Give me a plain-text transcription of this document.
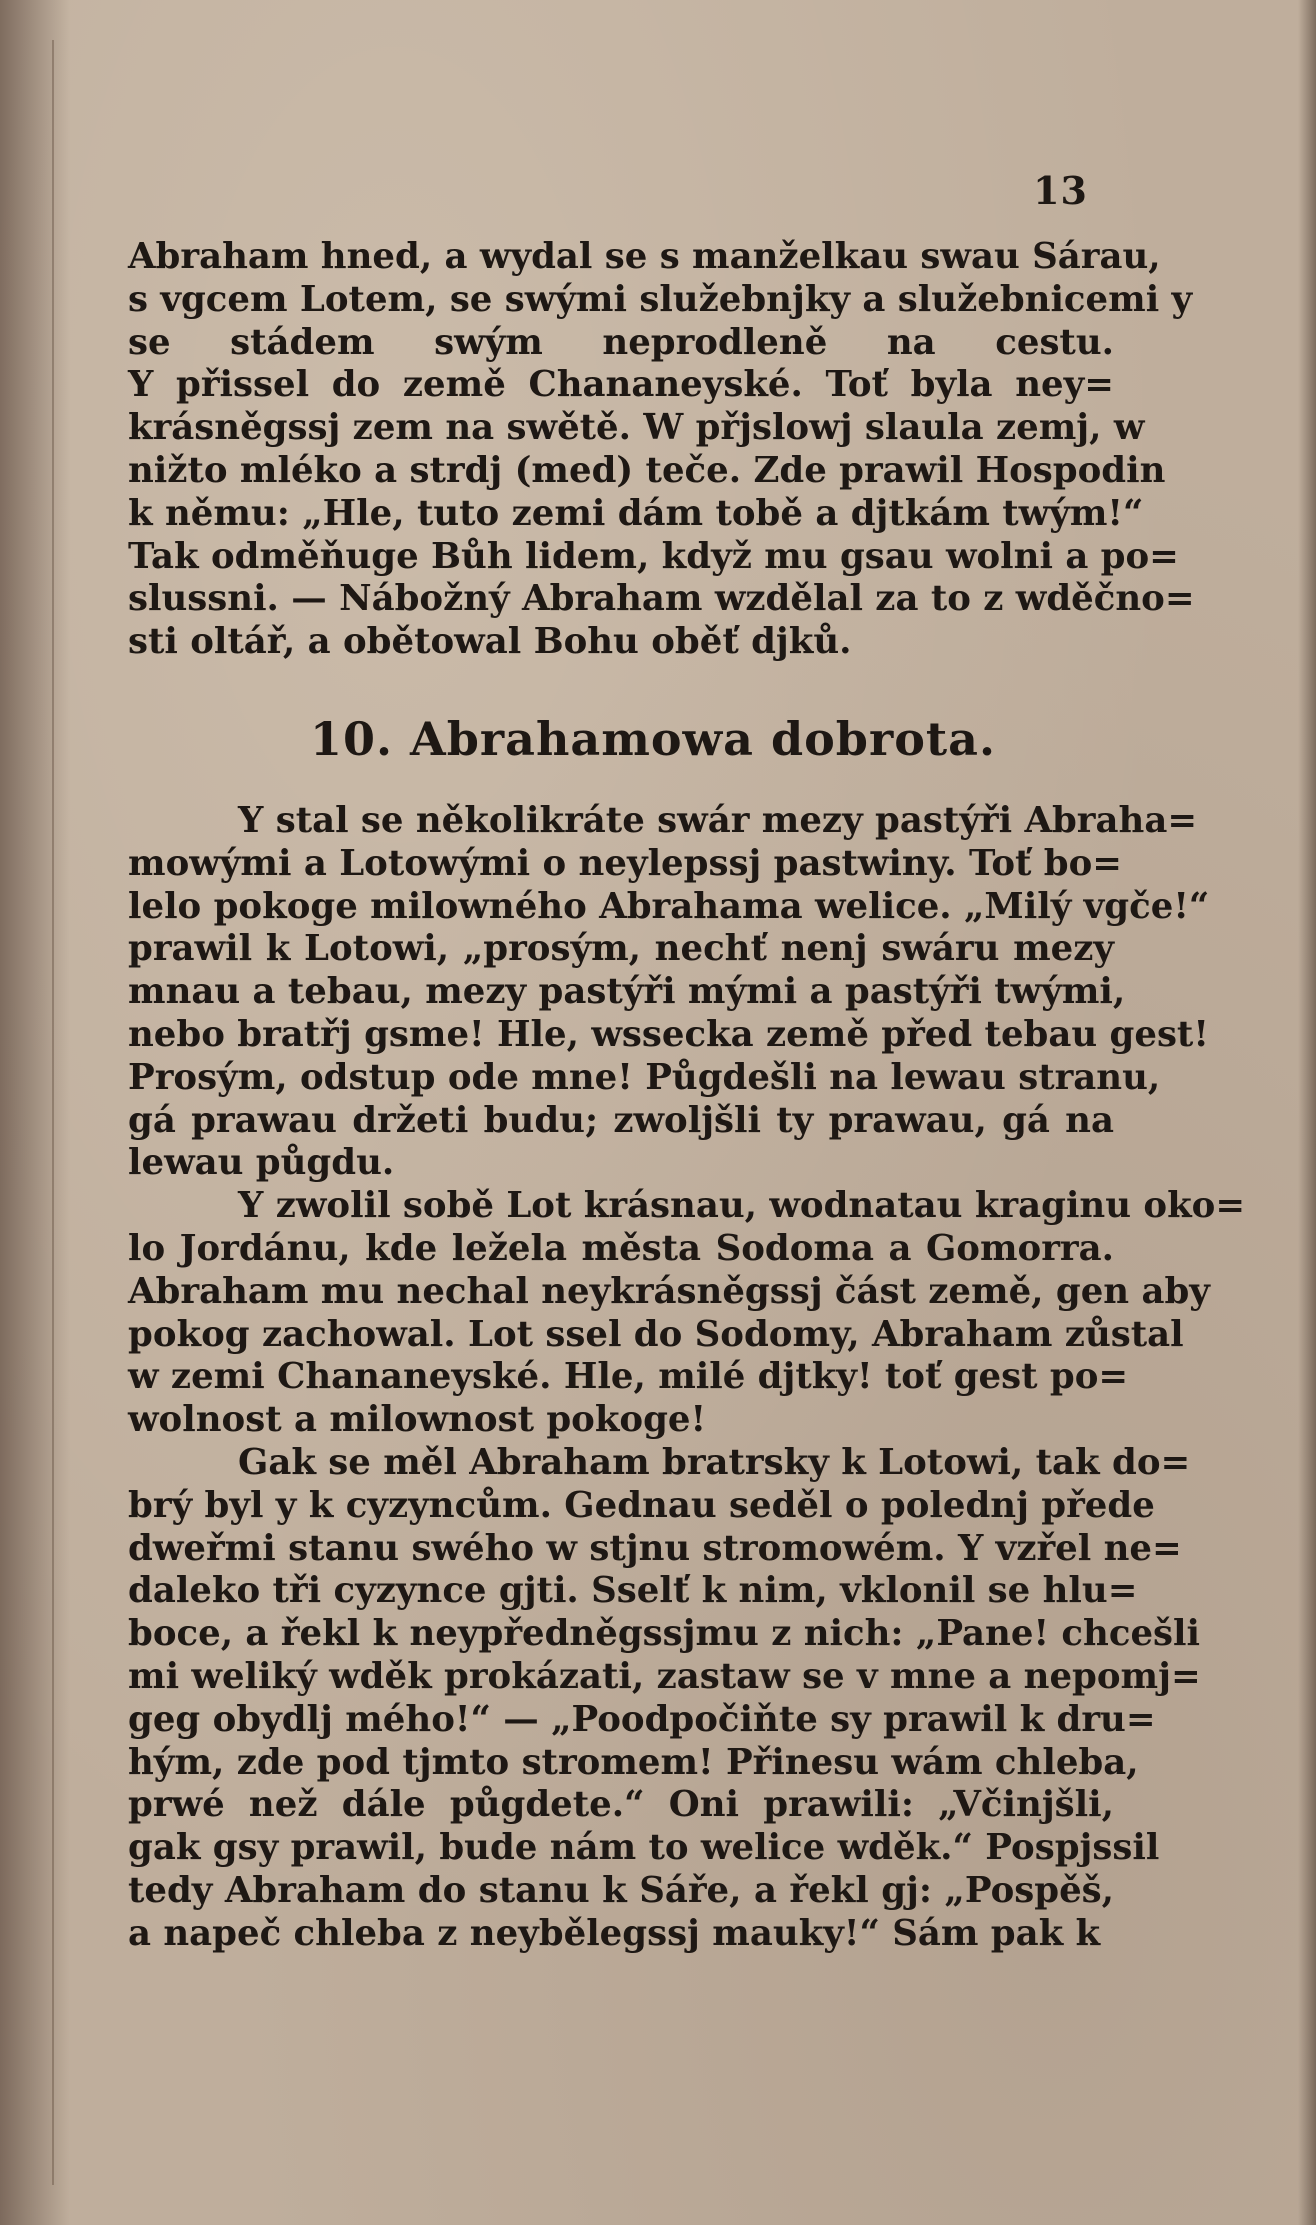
13
Abraham hned, a wydal se s manželkau swau Sárau,
s vgcem Lotem, se swými služebnjky a služebnicemi y
se stádem swým neprodleně na cestu.
Y přissel do země Chananeyské. Toť byla ney=
krásněgssj zem na swětě. W přjslowj slaula zemj, w
nižto mléko a strdj (med) teče. Zde prawil Hospodin
k němu: „Hle, tuto zemi dám tobě a djtkám twým!“
Tak odměňuge Bůh lidem, když mu gsau wolni a po=
slussni. — Nábožný Abraham wzdělal za to z wděčno=
sti oltář, a obětowal Bohu oběť djků.
10. Abrahamowa dobrota.
Y stal se několikráte swár mezy pastýři Abraha=
mowými a Lotowými o neylepssj pastwiny. Toť bo=
lelo pokoge milowného Abrahama welice. „Milý vgče!“
prawil k Lotowi, „prosým, nechť nenj swáru mezy
mnau a tebau, mezy pastýři mými a pastýři twými,
nebo bratřj gsme! Hle, wssecka země před tebau gest!
Prosým, odstup ode mne! Půgdešli na lewau stranu,
gá prawau držeti budu; zwoljšli ty prawau, gá na
lewau půgdu.
Y zwolil sobě Lot krásnau, wodnatau kraginu oko=
lo Jordánu, kde ležela města Sodoma a Gomorra.
Abraham mu nechal neykrásněgssj část země, gen aby
pokog zachowal. Lot ssel do Sodomy, Abraham zůstal
w zemi Chananeyské. Hle, milé djtky! toť gest po=
wolnost a milownost pokoge!
Gak se měl Abraham bratrsky k Lotowi, tak do=
brý byl y k cyzyncům. Gednau seděl o polednj přede
dweřmi stanu swého w stjnu stromowém. Y vzřel ne=
daleko tři cyzynce gjti. Sselť k nim, vklonil se hlu=
boce, a řekl k neypředněgssjmu z nich: „Pane! chcešli
mi weliký wděk prokázati, zastaw se v mne a nepomj=
geg obydlj mého!“ — „Poodpočiňte sy prawil k dru=
hým, zde pod tjmto stromem! Přinesu wám chleba,
prwé než dále půgdete.“ Oni prawili: „Včinjšli,
gak gsy prawil, bude nám to welice wděk.“ Pospjssil
tedy Abraham do stanu k Sáře, a řekl gj: „Pospěš,
a napeč chleba z neybělegssj mauky!“ Sám pak k
